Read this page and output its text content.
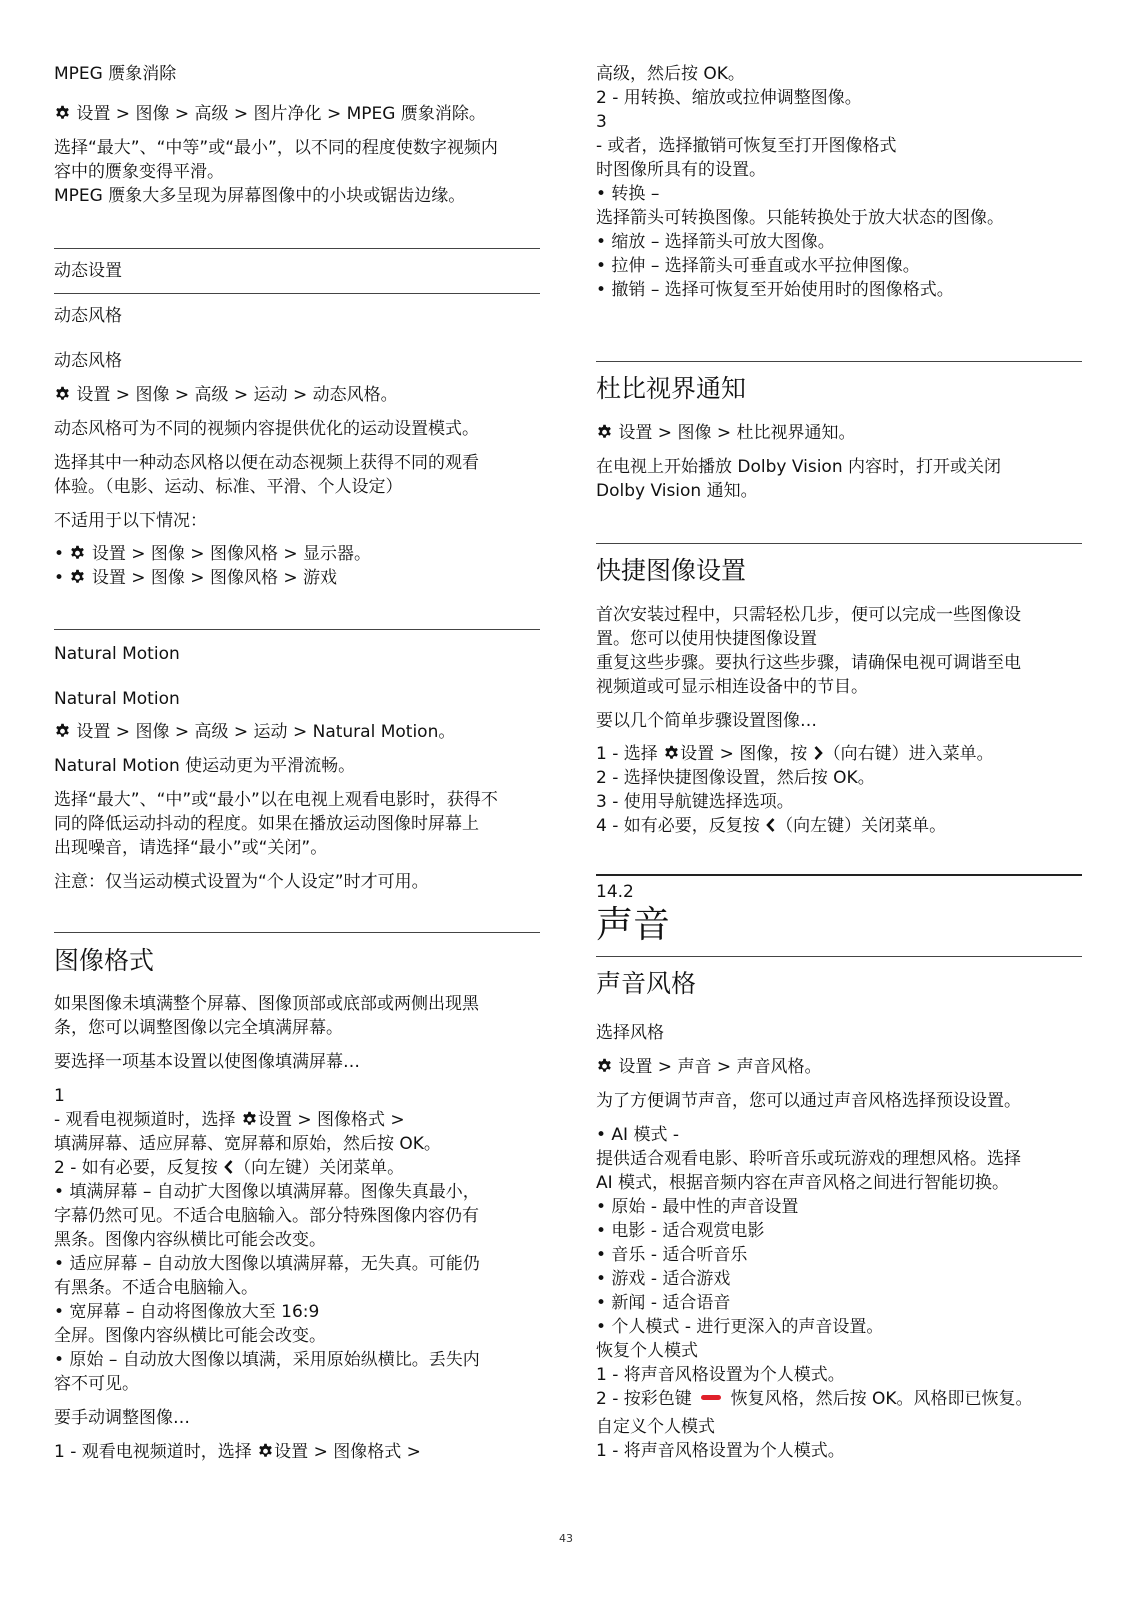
MPEG 赝象消除
设置 > 图像 > 高级 > 图片净化 > MPEG 赝象消除。
选择“最大”、“中等”或“最小”，以不同的程度使数字视频内
容中的赝象变得平滑。
MPEG 赝象大多呈现为屏幕图像中的小块或锯齿边缘。
动态设置
动态风格
动态风格
设置 > 图像 > 高级 > 运动 > 动态风格。
动态风格可为不同的视频内容提供优化的运动设置模式。
选择其中一种动态风格以便在动态视频上获得不同的观看
体验。（电影、运动、标准、平滑、个人设定）
不适用于以下情况：
•  设置 > 图像 > 图像风格 > 显示器。
•  设置 > 图像 > 图像风格 > 游戏
Natural Motion
Natural Motion
设置 > 图像 > 高级 > 运动 > Natural Motion。
Natural Motion 使运动更为平滑流畅。
选择“最大”、“中”或“最小”以在电视上观看电影时，获得不
同的降低运动抖动的程度。如果在播放运动图像时屏幕上
出现噪音，请选择“最小”或“关闭”。
注意：仅当运动模式设置为“个人设定”时才可用。
图像格式
如果图像未填满整个屏幕、图像顶部或底部或两侧出现黑
条，您可以调整图像以完全填满屏幕。
要选择一项基本设置以使图像填满屏幕…
1
- 观看电视频道时，选择 设置 > 图像格式 >
填满屏幕、适应屏幕、宽屏幕和原始，然后按 OK。
2 - 如有必要，反复按 （向左键）关闭菜单。
• 填满屏幕 – 自动扩大图像以填满屏幕。图像失真最小，
字幕仍然可见。不适合电脑输入。部分特殊图像内容仍有
黑条。图像内容纵横比可能会改变。
• 适应屏幕 – 自动放大图像以填满屏幕，无失真。可能仍
有黑条。不适合电脑输入。
• 宽屏幕 – 自动将图像放大至 16:9
全屏。图像内容纵横比可能会改变。
• 原始 – 自动放大图像以填满，采用原始纵横比。丢失内
容不可见。
要手动调整图像…
1 - 观看电视频道时，选择 设置 > 图像格式 >
高级，然后按 OK。
2 - 用转换、缩放或拉伸调整图像。
3
- 或者，选择撤销可恢复至打开图像格式
时图像所具有的设置。
• 转换 –
选择箭头可转换图像。只能转换处于放大状态的图像。
• 缩放 – 选择箭头可放大图像。
• 拉伸 – 选择箭头可垂直或水平拉伸图像。
• 撤销 – 选择可恢复至开始使用时的图像格式。
杜比视界通知
设置 > 图像 > 杜比视界通知。
在电视上开始播放 Dolby Vision 内容时，打开或关闭
Dolby Vision 通知。
快捷图像设置
首次安装过程中，只需轻松几步，便可以完成一些图像设
置。您可以使用快捷图像设置
重复这些步骤。要执行这些步骤，请确保电视可调谐至电
视频道或可显示相连设备中的节目。
要以几个简单步骤设置图像…
1 - 选择 设置 > 图像，按 （向右键）进入菜单。
2 - 选择快捷图像设置，然后按 OK。
3 - 使用导航键选择选项。
4 - 如有必要，反复按 （向左键）关闭菜单。
14.2
声音
声音风格
选择风格
设置 > 声音 > 声音风格。
为了方便调节声音，您可以通过声音风格选择预设设置。
• AI 模式 -
提供适合观看电影、聆听音乐或玩游戏的理想风格。选择
AI 模式，根据音频内容在声音风格之间进行智能切换。
• 原始 - 最中性的声音设置
• 电影 - 适合观赏电影
• 音乐 - 适合听音乐
• 游戏 - 适合游戏
• 新闻 - 适合语音
• 个人模式 - 进行更深入的声音设置。
恢复个人模式
1 - 将声音风格设置为个人模式。
2 - 按彩色键 恢复风格，然后按 OK。风格即已恢复。
自定义个人模式
1 - 将声音风格设置为个人模式。
43
